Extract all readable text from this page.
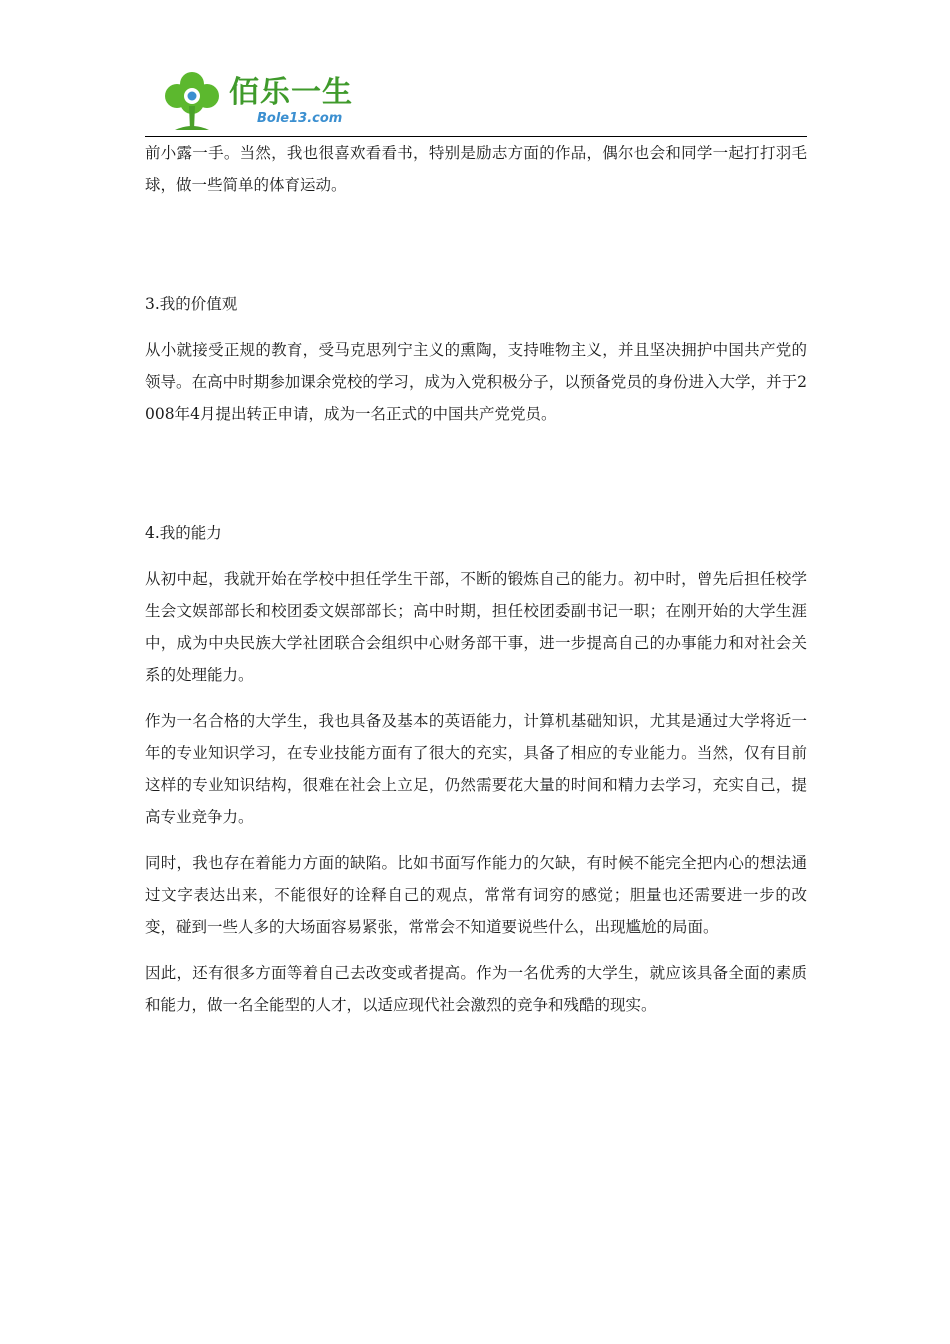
佰乐一生
Bole13.com

前小露一手。当然，我也很喜欢看看书，特别是励志方面的作品，偶尔也会和同学一起打打羽毛球，做一些简单的体育运动。

3.我的价值观

从小就接受正规的教育，受马克思列宁主义的熏陶，支持唯物主义，并且坚决拥护中国共产党的领导。在高中时期参加课余党校的学习，成为入党积极分子，以预备党员的身份进入大学，并于2008年4月提出转正申请，成为一名正式的中国共产党党员。

4.我的能力

从初中起，我就开始在学校中担任学生干部，不断的锻炼自己的能力。初中时，曾先后担任校学生会文娱部部长和校团委文娱部部长；高中时期，担任校团委副书记一职；在刚开始的大学生涯中，成为中央民族大学社团联合会组织中心财务部干事，进一步提高自己的办事能力和对社会关系的处理能力。

作为一名合格的大学生，我也具备及基本的英语能力，计算机基础知识，尤其是通过大学将近一年的专业知识学习，在专业技能方面有了很大的充实，具备了相应的专业能力。当然，仅有目前这样的专业知识结构，很难在社会上立足，仍然需要花大量的时间和精力去学习，充实自己，提高专业竞争力。

同时，我也存在着能力方面的缺陷。比如书面写作能力的欠缺，有时候不能完全把内心的想法通过文字表达出来，不能很好的诠释自己的观点，常常有词穷的感觉；胆量也还需要进一步的改变，碰到一些人多的大场面容易紧张，常常会不知道要说些什么，出现尴尬的局面。

因此，还有很多方面等着自己去改变或者提高。作为一名优秀的大学生，就应该具备全面的素质和能力，做一名全能型的人才，以适应现代社会激烈的竞争和残酷的现实。
